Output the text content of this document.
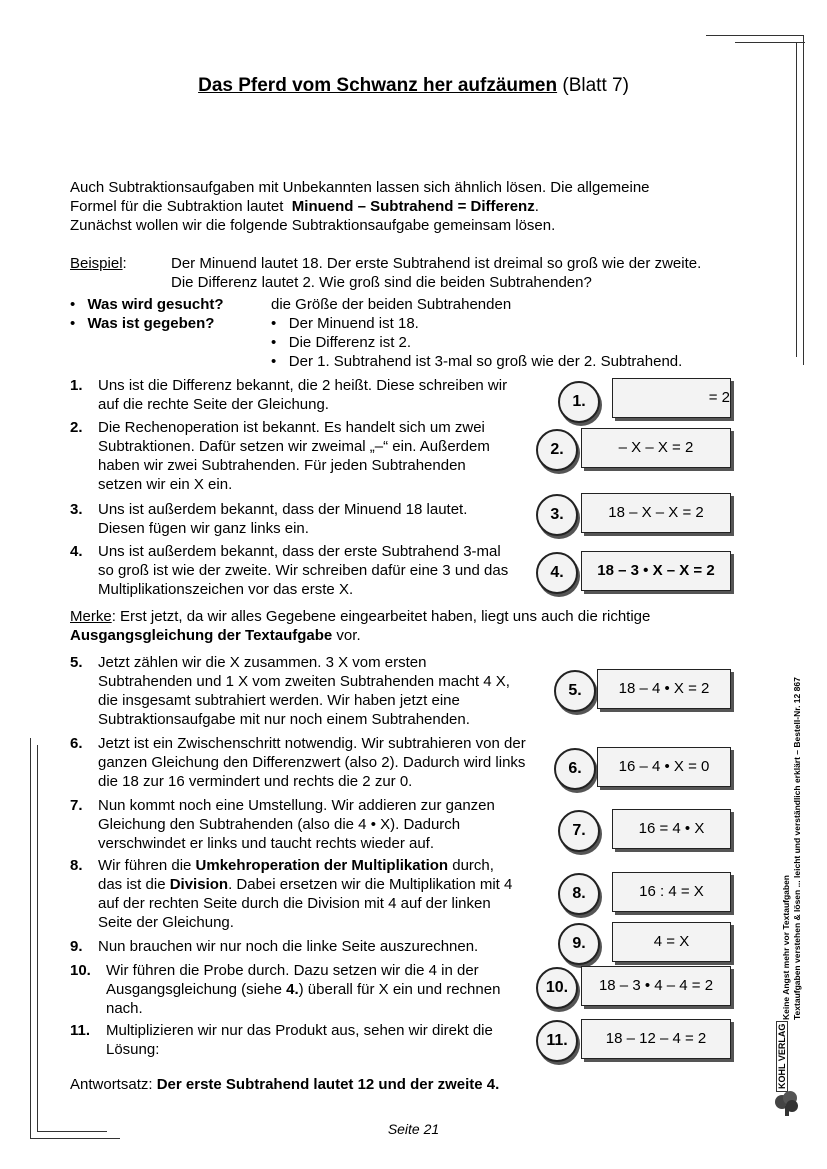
Das Pferd vom Schwanz her aufzäumen (Blatt 7)
Auch Subtraktionsaufgaben mit Unbekannten lassen sich ähnlich lösen. Die allgemeine
Formel für die Subtraktion lautet Minuend – Subtrahend = Differenz.
Zunächst wollen wir die folgende Subtraktionsaufgabe gemeinsam lösen.
Beispiel:	Der Minuend lautet 18. Der erste Subtrahend ist dreimal so groß wie der zweite.
Die Differenz lautet 2. Wie groß sind die beiden Subtrahenden?
• Was wird gesucht?	die Größe der beiden Subtrahenden
• Was ist gegeben?	•   Der Minuend ist 18.
•   Die Differenz ist 2.
•   Der 1. Subtrahend ist 3-mal so groß wie der 2. Subtrahend.
1. Uns ist die Differenz bekannt, die 2 heißt. Diese schreiben wir auf die rechte Seite der Gleichung.
2. Die Rechenoperation ist bekannt. Es handelt sich um zwei Subtraktionen. Dafür setzen wir zweimal „–“ ein. Außerdem haben wir zwei Subtrahenden. Für jeden Subtrahenden setzen wir ein X ein.
3. Uns ist außerdem bekannt, dass der Minuend 18 lautet. Diesen fügen wir ganz links ein.
4. Uns ist außerdem bekannt, dass der erste Subtrahend 3-mal so groß ist wie der zweite. Wir schreiben dafür eine 3 und das Multiplikationszeichen vor das erste X.
Merke: Erst jetzt, da wir alles Gegebene eingearbeitet haben, liegt uns auch die richtige
Ausgangsgleichung der Textaufgabe vor.
5. Jetzt zählen wir die X zusammen. 3 X vom ersten Subtrahenden und 1 X vom zweiten Subtrahenden macht 4 X, die insgesamt subtrahiert werden. Wir haben jetzt eine Subtraktionsaufgabe mit nur noch einem Subtrahenden.
6. Jetzt ist ein Zwischenschritt notwendig. Wir subtrahieren von der ganzen Gleichung den Differenzwert (also 2). Dadurch wird links die 18 zur 16 vermindert und rechts die 2 zur 0.
7. Nun kommt noch eine Umstellung. Wir addieren zur ganzen Gleichung den Subtrahenden (also die 4 • X). Dadurch verschwindet er links und taucht rechts wieder auf.
8. Wir führen die Umkehroperation der Multiplikation durch, das ist die Division. Dabei ersetzen wir die Multiplikation mit 4 auf der rechten Seite durch die Division mit 4 auf der linken Seite der Gleichung.
9. Nun brauchen wir nur noch die linke Seite auszurechnen.
10. Wir führen die Probe durch. Dazu setzen wir die 4 in der Ausgangsgleichung (siehe 4.) überall für X ein und rechnen nach.
11. Multiplizieren wir nur das Produkt aus, sehen wir direkt die Lösung:
1.	= 2
2.	– X – X = 2
3.	18 – X – X = 2
4.	18 – 3 • X – X = 2
5.	18 – 4 • X = 2
6.	16 – 4 • X = 0
7.	16 = 4 • X
8.	16 : 4 = X
9.	4 = X
10.	18 – 3 • 4 – 4 = 2
11.	18 – 12 – 4 = 2
Antwortsatz: Der erste Subtrahend lautet 12 und der zweite 4.
Seite 21
Keine Angst mehr vor Textaufgaben Textaufgaben verstehen & lösen ... leicht und verständlich erklärt – Bestell-Nr. 12 867
KOHL VERLAG
